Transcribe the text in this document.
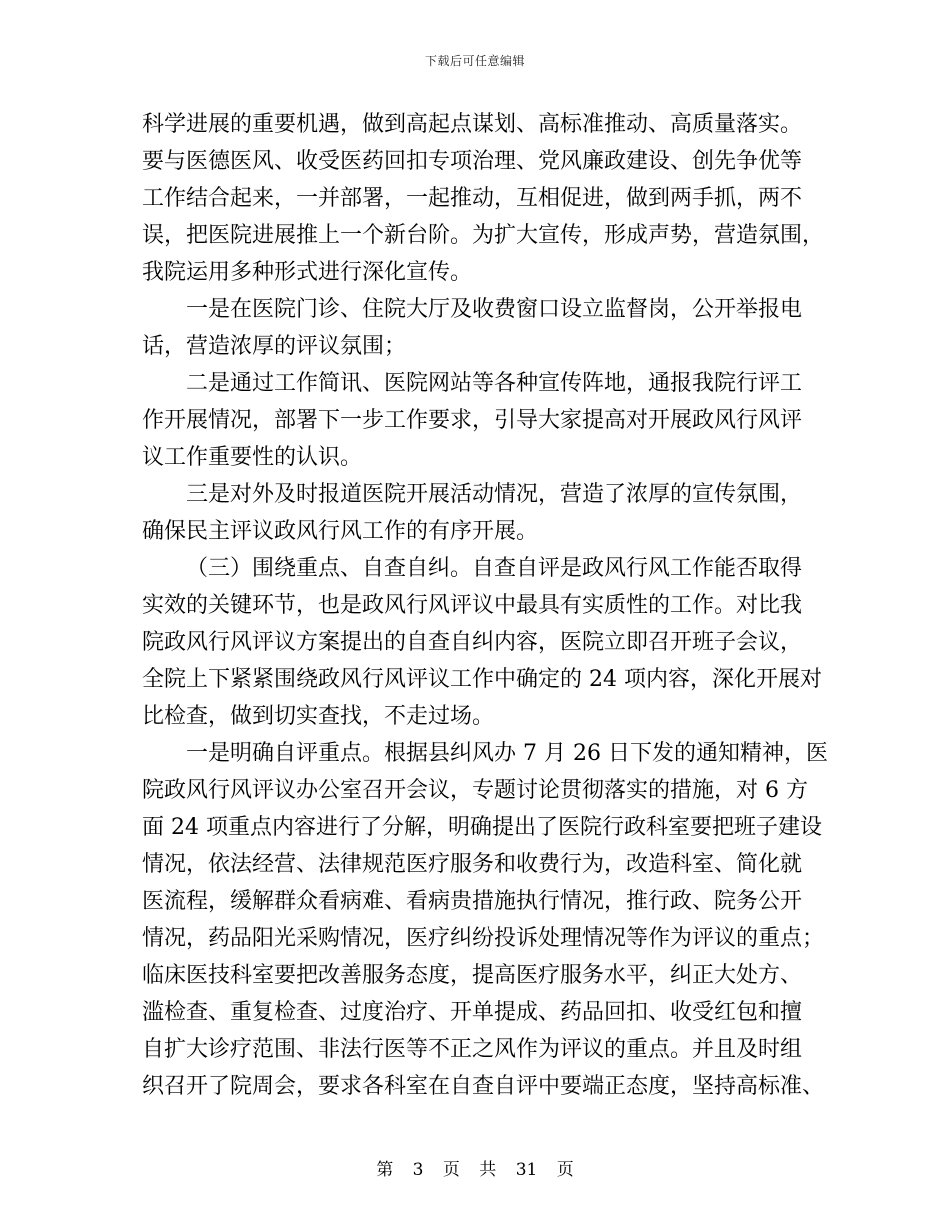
下载后可任意编辑
科学进展的重要机遇，做到高起点谋划、高标准推动、高质量落实。
要与医德医风、收受医药回扣专项治理、党风廉政建设、创先争优等
工作结合起来，一并部署，一起推动，互相促进，做到两手抓，两不
误，把医院进展推上一个新台阶。为扩大宣传，形成声势，营造氛围，
我院运用多种形式进行深化宣传。
一是在医院门诊、住院大厅及收费窗口设立监督岗，公开举报电
话，营造浓厚的评议氛围；
二是通过工作简讯、医院网站等各种宣传阵地，通报我院行评工
作开展情况，部署下一步工作要求，引导大家提高对开展政风行风评
议工作重要性的认识。
三是对外及时报道医院开展活动情况，营造了浓厚的宣传氛围，
确保民主评议政风行风工作的有序开展。
（三）围绕重点、自查自纠。自查自评是政风行风工作能否取得
实效的关键环节，也是政风行风评议中最具有实质性的工作。对比我
院政风行风评议方案提出的自查自纠内容，医院立即召开班子会议，
全院上下紧紧围绕政风行风评议工作中确定的 24 项内容，深化开展对
比检查，做到切实查找，不走过场。
一是明确自评重点。根据县纠风办 7 月 26 日下发的通知精神，医
院政风行风评议办公室召开会议，专题讨论贯彻落实的措施，对 6 方
面 24 项重点内容进行了分解，明确提出了医院行政科室要把班子建设
情况，依法经营、法律规范医疗服务和收费行为，改造科室、简化就
医流程，缓解群众看病难、看病贵措施执行情况，推行政、院务公开
情况，药品阳光采购情况，医疗纠纷投诉处理情况等作为评议的重点；
临床医技科室要把改善服务态度，提高医疗服务水平，纠正大处方、
滥检查、重复检查、过度治疗、开单提成、药品回扣、收受红包和擅
自扩大诊疗范围、非法行医等不正之风作为评议的重点。并且及时组
织召开了院周会，要求各科室在自查自评中要端正态度，坚持高标准、
第 3 页 共 31 页
